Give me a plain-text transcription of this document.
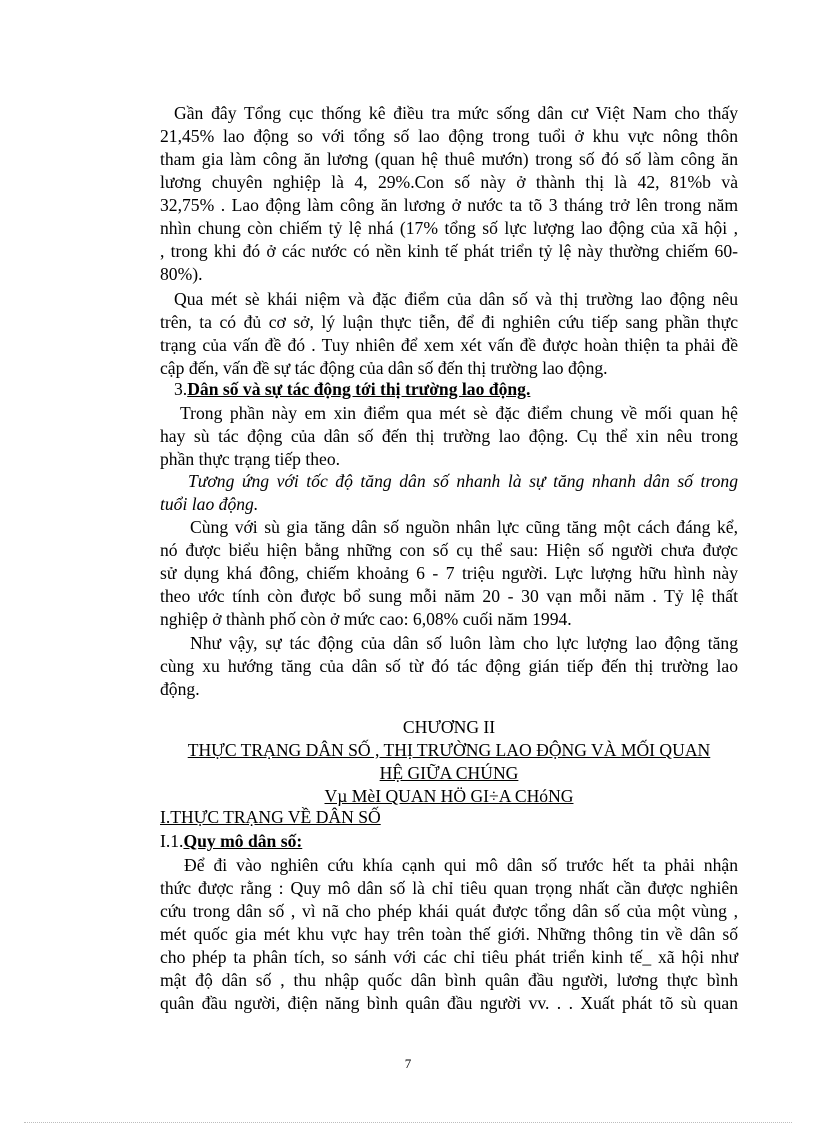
Gần đây Tổng cục thống kê điều tra mức sống dân cư Việt Nam cho thấy
21,45% lao động so với tổng số lao động trong tuổi ở khu vực nông thôn
tham gia làm công ăn lương (quan hệ thuê mướn) trong số đó số làm công ăn
lương chuyên nghiệp là 4, 29%.Con số này ở thành thị là 42, 81%b và
32,75% . Lao động làm công ăn lương ở nước ta tõ 3 tháng trở lên trong năm
nhìn chung còn chiếm tỷ lệ nhá (17% tổng số lực lượng lao động của xã hội ,
, trong khi đó ở các nước có nền kinh tế phát triển tỷ lệ này thường chiếm 60-
80%).
Qua mét sè khái niệm và đặc điểm của dân số và thị trường lao động nêu
trên, ta có đủ cơ sở, lý luận thực tiễn, để đi nghiên cứu tiếp sang phần thực
trạng của vấn đề đó . Tuy nhiên để xem xét vấn đề được hoàn thiện ta phải đề
cập đến, vấn đề sự tác động của dân số đến thị trường lao động.
3.Dân số và sự tác động tới thị trường lao động.
Trong phần này em xin điểm qua mét sè đặc điểm chung về mối quan hệ
hay sù tác động của dân số đến thị trường lao động. Cụ thể xin nêu trong
phần thực trạng tiếp theo.
Tương ứng với tốc độ tăng dân số nhanh là sự tăng nhanh dân số trong
tuổi lao động.
Cùng với sù gia tăng dân số nguồn nhân lực cũng tăng một cách đáng kể,
nó được biểu hiện bằng những con số cụ thể sau: Hiện số người chưa được
sử dụng khá đông, chiếm khoảng 6 - 7 triệu người. Lực lượng hữu hình này
theo ước tính còn được bổ sung mỗi năm 20 - 30 vạn mỗi năm . Tỷ lệ thất
nghiệp ở thành phố còn ở mức cao: 6,08% cuối năm 1994.
Như vậy, sự tác động của dân số luôn làm cho lực lượng lao động tăng
cùng xu hướng tăng của dân số từ đó tác động gián tiếp đến thị trường lao
động.
CHƯƠNG II
THỰC TRẠNG DÂN SỐ , THỊ TRƯỜNG LAO ĐỘNG VÀ MỐI QUAN
HỆ GIỮA CHÚNG
Vµ MèI QUAN HÖ GI÷A CHóNG
I.THỰC TRẠNG VỀ DÂN SỐ
I.1.Quy mô dân số:
Để đi vào nghiên cứu khía cạnh qui mô dân số trước hết ta phải nhận
thức được rằng : Quy mô dân số là chỉ tiêu quan trọng nhất cần được nghiên
cứu trong dân số , vì nã cho phép khái quát được tổng dân số của một vùng ,
mét quốc gia mét khu vực hay trên toàn thế giới. Những thông tin về dân số
cho phép ta phân tích, so sánh với các chỉ tiêu phát triển kinh tế_ xã hội như
mật độ dân số , thu nhập quốc dân bình quân đầu người, lương thực bình
quân đầu người, điện năng bình quân đầu người vv. . . Xuất phát tõ sù quan
7
